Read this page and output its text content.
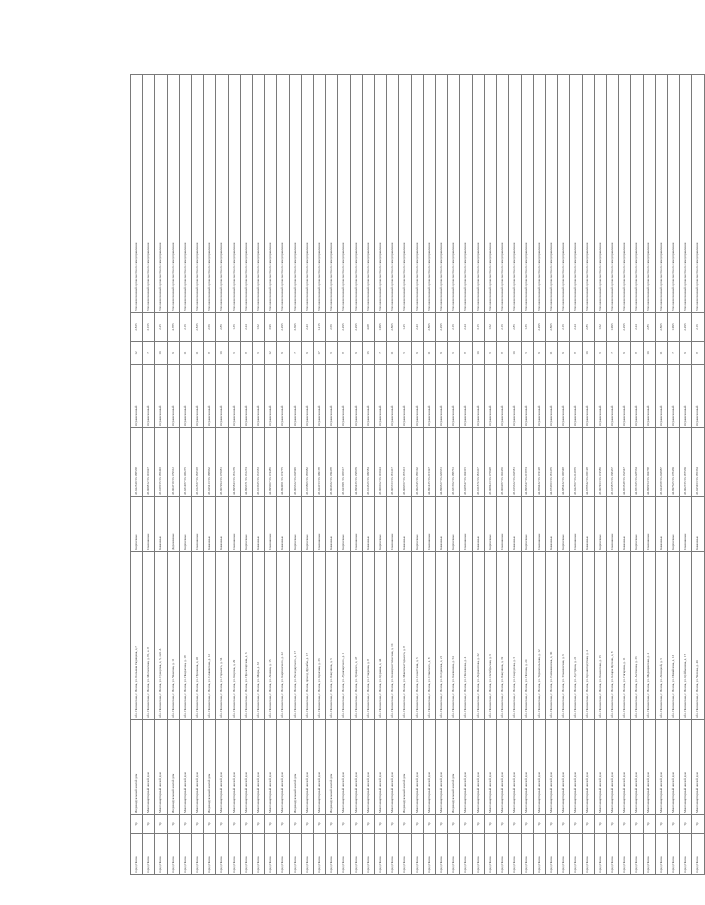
город Пенза	Тр	Индивидуальный жилой дом	обл. Пензенская, г. Пенза, ул. Большая Радищева, д.7	Кирпичные	45.022549 53.188538	Ограниченный	12	2.835	Уполномоченный орган местного самоуправления
город Пенза	Тр	Многоквартирный жилой дом	обл. Пензенская, г. Пенза, ул. Московская, д. 81, к. 8	Смешанные	45.009812 53.191027	Ограниченный	7	3.165	Уполномоченный орган местного самоуправления
город Пенза	Тр	Многоквартирный жилой дом	обл. Пензенская, г. Пенза, ул. Суворова, д. 5, лит. А	Каменные	45.018155 53.185493	Ограниченный	10	2.25	Уполномоченный орган местного самоуправления
город Пенза	Тр	Индивидуальный жилой дом	обл. Пензенская, г. Пенза, ул. Чкалова, д. 11	Деревянные	45.004719 53.179612	Ограниченный	9	4.785	Уполномоченный орган местного самоуправления
город Пенза	Тр	Многоквартирный жилой дом	обл. Пензенская, г. Пенза, ул. Некрасова, д. 18	Кирпичные	45.031487 53.196275	Ограниченный	11	2.16	Уполномоченный орган местного самоуправления
город Пенза	Тр	Многоквартирный жилой дом	обл. Пензенская, г. Пенза, ул. Пушкина, д. 46	Смешанные	45.012537 53.183518	Ограниченный	11	2.835	Уполномоченный орган местного самоуправления
город Пенза	Тр	Индивидуальный жилой дом	обл. Пензенская, г. Пенза, ул. Славянская, д. 12	Каменные	45.026413 53.188962	Ограниченный	8	2.66	Уполномоченный орган местного самоуправления
город Пенза	Тр	Многоквартирный жилой дом	обл. Пензенская, г. Пенза, ул. Горького, д. 54	Каменные	45.007294 53.176081	Ограниченный	10	2.86	Уполномоченный орган местного самоуправления
город Пенза	Тр	Многоквартирный жилой дом	обл. Пензенская, г. Пенза, ул. Кирова, д. 29	Смешанные	44.995843 53.181279	Ограниченный	6	1.35	Уполномоченный орган местного самоуправления
город Пенза	Тр	Многоквартирный жилой дом	обл. Пензенская, г. Пенза, ул. Пролетарская, д. 6	Кирпичные	44.996371 53.161274	Ограниченный	8	2.24	Уполномоченный орган местного самоуправления
город Пенза	Тр	Многоквартирный жилой дом	обл. Пензенская, г. Пенза, ул. Мира, д. 33	Каменные	45.013635 53.161653	Ограниченный	6	1.62	Уполномоченный орган местного самоуправления
город Пенза	Тр	Многоквартирный жилой дом	обл. Пензенская, г. Пенза, ул. Ленина, д. 15	Смешанные	44.995067 53.174485	Ограниченный	12	3.96	Уполномоченный орган местного самоуправления
город Пенза	Тр	Многоквартирный жилой дом	обл. Пензенская, г. Пенза, ул. Карпинского, д. 22	Каменные	44.994961 53.174775	Ограниченный	9	2.295	Уполномоченный орган местного самоуправления
город Пенза	Тр	Индивидуальный жилой дом	обл. Пензенская, г. Пенза, ул. Володарского, д. 17	Кирпичные	45.006322 53.203596	Ограниченный	7	3.395	Уполномоченный орган местного самоуправления
город Пенза	Тр	Многоквартирный жилой дом	обл. Пензенская, г. Пенза, проезд Дружбы, д. 17	Кирпичные	45.016806 53.185982	Ограниченный	9	2.43	Уполномоченный орган местного самоуправления
город Пенза	Тр	Многоквартирный жилой дом	обл. Пензенская, г. Пенза, ул. Красная, д. 33	Смешанные	45.024153 53.199178	Ограниченный	17	1.215	Уполномоченный орган местного самоуправления
город Пенза	Тр	Индивидуальный жилой дом	обл. Пензенская, г. Пенза, ул. Бакунина, д. 5	Каменные	45.004632 53.169478	Ограниченный	6	2.66	Уполномоченный орган местного самоуправления
город Пенза	Тр	Многоквартирный жилой дом	обл. Пензенская, г. Пенза, ул. Луначарского, д. 1	Кирпичные	45.023681 53.195617	Ограниченный	8	2.295	Уполномоченный орган местного самоуправления
город Пенза	Тр	Многоквартирный жилой дом	обл. Пензенская, г. Пенза, ул. Урицкого, д. 47	Смешанные	44.996436 53.158979	Ограниченный	9	2.295	Уполномоченный орган местного самоуправления
город Пенза	Тр	Многоквартирный жилой дом	обл. Пензенская, г. Пенза, ул. Гладкова, д. 8	Каменные	45.014526 53.199584	Ограниченный	16	4.08	Уполномоченный орган местного самоуправления
город Пенза	Тр	Многоквартирный жилой дом	обл. Пензенская, г. Пенза, ул. Кураева, д. 44	Кирпичные	45.000102 53.191024	Ограниченный	7	1.995	Уполномоченный орган местного самоуправления
город Пенза	Тр	Многоквартирный жилой дом	обл. Пензенская, г. Пенза, ул. Коммунистическая, д. 10	Смешанные	45.005723 53.181417	Ограниченный	11	2.805	Уполномоченный орган местного самоуправления
город Пенза	Тр	Индивидуальный жилой дом	обл. Пензенская, г. Пенза, ул. Максима Горького, д. 8	Каменные	45.009357 53.187413	Ограниченный	5	1.25	Уполномоченный орган местного самоуправления
город Пенза	Тр	Многоквартирный жилой дом	обл. Пензенская, г. Пенза, ул. Советская, д. 5	Кирпичные	45.002345 53.186102	Ограниченный	9	2.43	Уполномоченный орган местного самоуправления
город Пенза	Тр	Многоквартирный жилой дом	обл. Пензенская, г. Пенза, ул. Ставского, д. 8	Смешанные	44.991435 53.215327	Ограниченный	11	2.805	Уполномоченный орган местного самоуправления
город Пенза	Тр	Многоквартирный жилой дом	обл. Пензенская, г. Пенза, ул. Богданова, д. 21	Каменные	44.990527 53.220631	Ограниченный	9	2.295	Уполномоченный орган местного самоуправления
город Пенза	Тр	Индивидуальный жилой дом	обл. Пензенская, г. Пенза, ул. Калинина, д. 54	Кирпичные	45.031652 53.188761	Ограниченный	6	2.16	Уполномоченный орган местного самоуправления
город Пенза	Тр	Многоквартирный жилой дом	обл. Пензенская, г. Пенза, ул. Плеханова, д. 4	Смешанные	45.028547 53.194315	Ограниченный	8	2.24	Уполномоченный орган местного самоуправления
город Пенза	Тр	Многоквартирный жилой дом	обл. Пензенская, г. Пенза, ул. Лермонтова, д. 32	Каменные	45.011874 53.183417	Ограниченный	10	3.15	Уполномоченный орган местного самоуправления
город Пенза	Тр	Многоквартирный жилой дом	обл. Пензенская, г. Пенза, ул. Октябрьская, д. 6	Кирпичные	45.008423 53.175928	Ограниченный	6	1.62	Уполномоченный орган местного самоуправления
город Пенза	Тр	Многоквартирный жилой дом	обл. Пензенская, г. Пенза, ул. Бакунина, д. 19	Смешанные	45.000287 53.192436	Ограниченный	8	2.16	Уполномоченный орган местного самоуправления
город Пенза	Тр	Многоквартирный жилой дом	обл. Пензенская, г. Пенза, ул. Свердлова, д. 5	Каменные	45.016322 53.203581	Ограниченный	10	2.85	Уполномоченный орган местного самоуправления
город Пенза	Тр	Многоквартирный жилой дом	обл. Пензенская, г. Пенза, ул. Попова, д. 24	Кирпичные	44.996547 53.215874	Ограниченный	5	1.35	Уполномоченный орган местного самоуправления
город Пенза	Тр	Многоквартирный жилой дом	обл. Пензенская, г. Пенза, ул. Тернопольская, д. 12	Смешанные	44.969432 53.174128	Ограниченный	9	2.295	Уполномоченный орган местного самоуправления
город Пенза	Тр	Многоквартирный жилой дом	обл. Пензенская, г. Пенза, ул. Рахманинова, д. 30	Каменные	44.974653 53.181476	Ограниченный	11	2.805	Уполномоченный орган местного самоуправления
город Пенза	Тр	Многоквартирный жилой дом	обл. Пензенская, г. Пенза, ул. Ульяновская, д. 6	Кирпичные	44.986432 53.196548	Ограниченный	9	2.16	Уполномоченный орган местного самоуправления
город Пенза	Тр	Многоквартирный жилой дом	обл. Пензенская, г. Пенза, ул. Аустрина, д. 21	Смешанные	45.022567 53.212876	Ограниченный	8	2.24	Уполномоченный орган местного самоуправления
город Пенза	Тр	Многоквартирный жилой дом	обл. Пензенская, г. Пенза, ул. Кронштадтская, д. 4	Каменные	44.978542 53.205128	Ограниченный	10	2.85	Уполномоченный орган местного самоуправления
город Пенза	Тр	Многоквартирный жилой дом	обл. Пензенская, г. Пенза, ул. Бекешская, д. 15	Кирпичные	45.007463 53.174586	Ограниченный	6	1.62	Уполномоченный орган местного самоуправления
город Пенза	Тр	Многоквартирный жилой дом	обл. Пензенская, г. Пенза, ул. Клары Цеткин, д. 8	Смешанные	45.015875 53.168437	Ограниченный	7	1.995	Уполномоченный орган местного самоуправления
город Пенза	Тр	Многоквартирный жилой дом	обл. Пензенская, г. Пенза, ул. Гагарина, д. 11	Каменные	44.963548 53.162547	Ограниченный	9	2.295	Уполномоченный орган местного самоуправления
город Пенза	Тр	Многоквартирный жилой дом	обл. Пензенская, г. Пенза, ул. Антонова, д. 33	Кирпичные	44.951635 53.228564	Ограниченный	8	2.24	Уполномоченный орган местного самоуправления
город Пенза	Тр	Многоквартирный жилой дом	обл. Пензенская, г. Пенза, ул. Медицинская, д. 2	Смешанные	44.998254 53.194738	Ограниченный	10	2.85	Уполномоченный орган местного самоуправления
город Пенза	Тр	Многоквартирный жилой дом	обл. Пензенская, г. Пенза, ул. Лозицкой, д. 5	Каменные	45.024358 53.203987	Ограниченный	11	2.805	Уполномоченный орган местного самоуправления
город Пенза	Тр	Многоквартирный жилой дом	обл. Пензенская, г. Пенза, ул. Измайлова, д. 13	Кирпичные	44.997625 53.178439	Ограниченный	7	1.995	Уполномоченный орган местного самоуправления
город Пенза	Тр	Многоквартирный жилой дом	обл. Пензенская, г. Пенза, ул. Куйбышева, д. 17	Смешанные	45.002735 53.187539	Ограниченный	9	2.295	Уполномоченный орган местного самоуправления
город Пенза	Тр	Многоквартирный жилой дом	обл. Пензенская, г. Пенза, ул. Чехова, д. 40	Каменные	45.025463 53.185364	Ограниченный	8	2.16	Уполномоченный орган местного самоуправления
